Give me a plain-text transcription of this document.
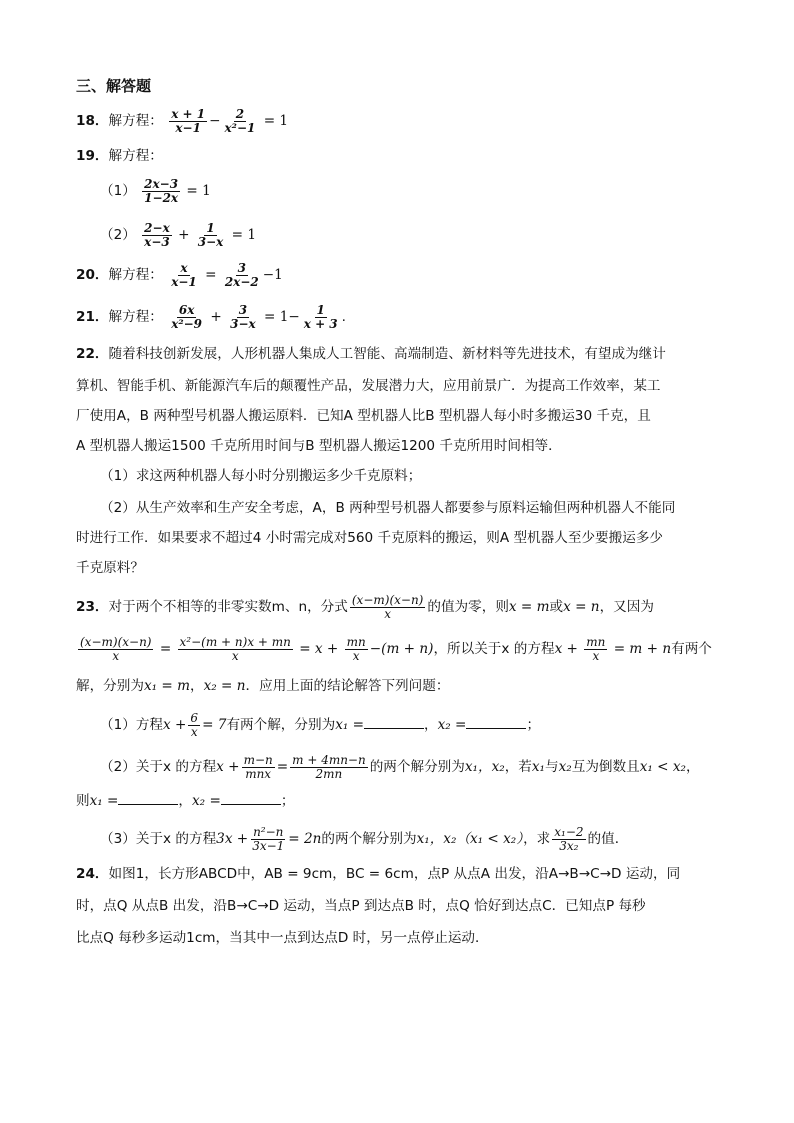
三、解答题
18．解方程： $\frac{x + 1}{x-1} - \frac{2}{\text{x²−1}} = 1$
19．解方程：
$(1) \frac{2x-3}{1-2x} = 1$
$(2) \frac{2-x}{x-3} + \frac{1}{3-x} = 1$
20．解方程： $\frac{x}{x-1} = \frac{3}{2x-2} -1$
21．解方程： $\frac{6x}{\text{x²−9}} + \frac{3}{3-x} = 1- \frac{1}{x + 3}$ .
22．随着科技创新发展，人形机器人集成人工智能、高端制造、新材料等先进技术，有望成为继计
算机、智能手机、新能源汽车后的颠覆性产品，发展潜力大，应用前景广．为提高工作效率，某工
厂使用A，B 两种型号机器人搬运原料．已知A 型机器人比B 型机器人每小时多搬运30 千克，且
A 型机器人搬运1500 千克所用时间与B 型机器人搬运1200 千克所用时间相等．
（1）求这两种机器人每小时分别搬运多少千克原料；
（2）从生产效率和生产安全考虑，A，B 两种型号机器人都要参与原料运输但两种机器人不能同
时进行工作．如果要求不超过4 小时需完成对560 千克原料的搬运，则A 型机器人至少要搬运多少
千克原料？
23．对于两个不相等的非零实数m、n，分式 $\frac{(x-m)(x-n)}{x}$ 的值为零，则x = m或x = n，又因为
$\frac{(x-m)(x-n)}{x} = \frac{\text{x²−(m + n)x + mn}}{x} = x + \frac{mn}{x} -(m + n)$，所以关于x 的方程$x + \frac{mn}{x} = m + n$有两个
解，分别为x₁ = m，x₂ = n．应用上面的结论解答下列问题：
（1）方程$x + \frac{6}{x} = 7$有两个解，分别为x₁ =	，x₂ =	；
（2）关于x 的方程$x + \frac{m-n}{\text{mnx}} = \frac{m + 4mn-n}{2mn}$ 的两个解分别为x₁，x₂，若x₁与x₂互为倒数且x₁ < x₂，
则x₁ =	，x₂ =	；
（3）关于x 的方程$3x + \frac{\text{n²−n}}{3x-1} = 2n$的两个解分别为x₁，x₂（x₁ < x₂），求 $\frac{\text{x₁−2}}{\text{3x₂}}$ 的值．
24．如图1，长方形ABCD中，AB = 9cm，BC = 6cm，点P 从点A 出发，沿A→B→C→D 运动，同
时，点Q 从点B 出发，沿B→C→D 运动，当点P 到达点B 时，点Q 恰好到达点C．已知点P 每秒
比点Q 每秒多运动1cm，当其中一点到达点D 时，另一点停止运动．
